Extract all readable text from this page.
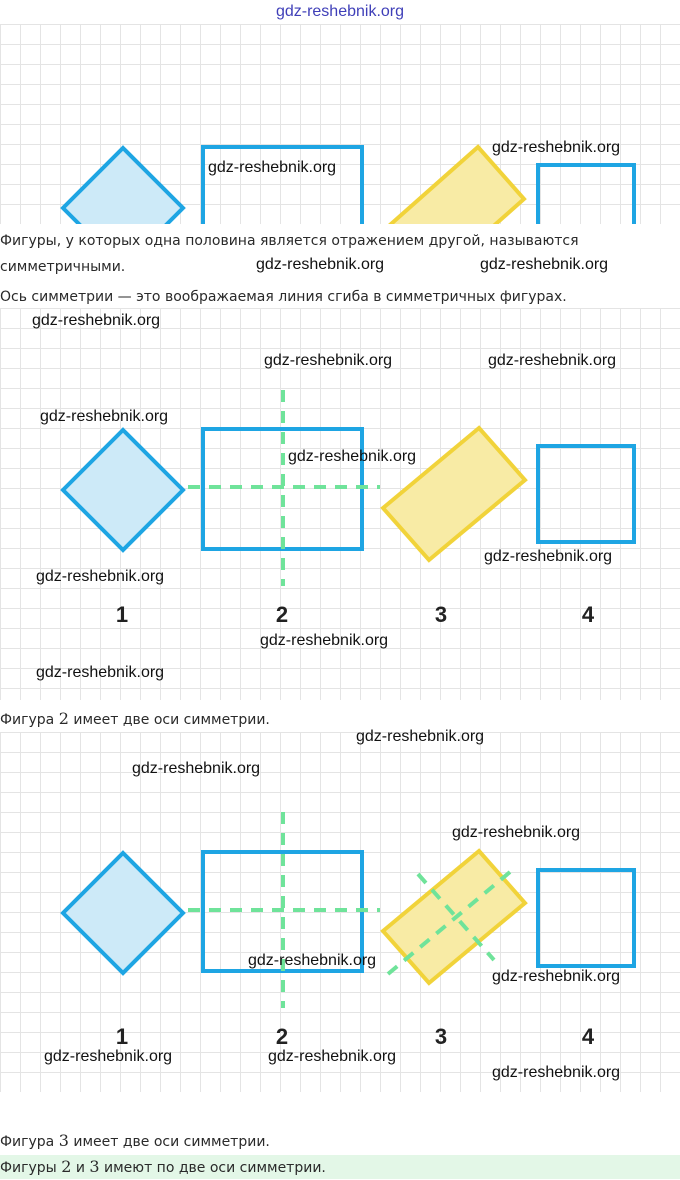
gdz-reshebnik.org

Фигуры, у которых одна половина является отражением другой, называются
симметричными.

Ось симметрии — это воображаемая линия сгиба в симметричных фигурах.

1	2	3	4

Фигура 2 имеет две оси симметрии.

1	2	3	4

Фигура 3 имеет две оси симметрии.

Фигуры 2 и 3 имеют по две оси симметрии.

gdz-reshebnik.org
gdz-reshebnik.org
gdz-reshebnik.org	gdz-reshebnik.org
gdz-reshebnik.org
gdz-reshebnik.org	gdz-reshebnik.org
gdz-reshebnik.org
gdz-reshebnik.org
gdz-reshebnik.org
gdz-reshebnik.org
gdz-reshebnik.org
gdz-reshebnik.org
gdz-reshebnik.org
gdz-reshebnik.org
gdz-reshebnik.org
gdz-reshebnik.org
gdz-reshebnik.org
gdz-reshebnik.org	gdz-reshebnik.org
gdz-reshebnik.org
